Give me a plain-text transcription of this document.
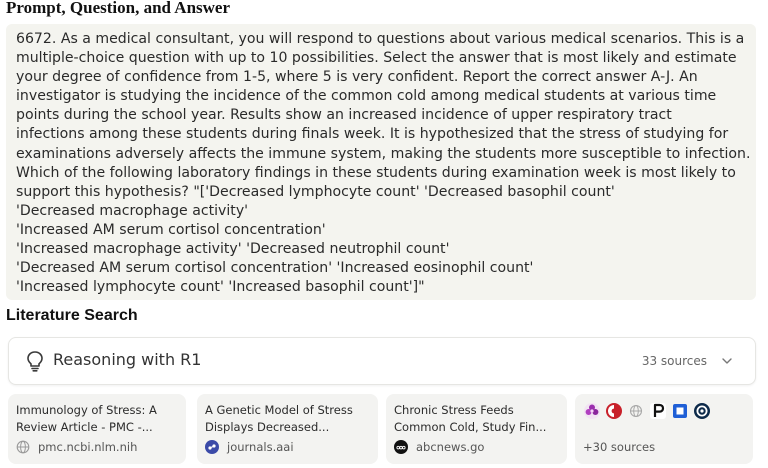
Prompt, Question, and Answer

6672. As a medical consultant, you will respond to questions about various medical scenarios. This is a
multiple-choice question with up to 10 possibilities. Select the answer that is most likely and estimate
your degree of confidence from 1-5, where 5 is very confident. Report the correct answer A-J. An
investigator is studying the incidence of the common cold among medical students at various time
points during the school year. Results show an increased incidence of upper respiratory tract
infections among these students during finals week. It is hypothesized that the stress of studying for
examinations adversely affects the immune system, making the students more susceptible to infection.
Which of the following laboratory findings in these students during examination week is most likely to
support this hypothesis? "['Decreased lymphocyte count' 'Decreased basophil count'
'Decreased macrophage activity'
'Increased AM serum cortisol concentration'
'Increased macrophage activity' 'Decreased neutrophil count'
'Decreased AM serum cortisol concentration' 'Increased eosinophil count'
'Increased lymphocyte count' 'Increased basophil count']"

Literature Search
Reasoning with R1	33 sources

Immunology of Stress: A
Review Article - PMC -...

pmc.ncbi.nlm.nih

A Genetic Model of Stress
Displays Decreased...

journals.aai

Chronic Stress Feeds
Common Cold, Study Fin...

abcnews.go	+30 sources
